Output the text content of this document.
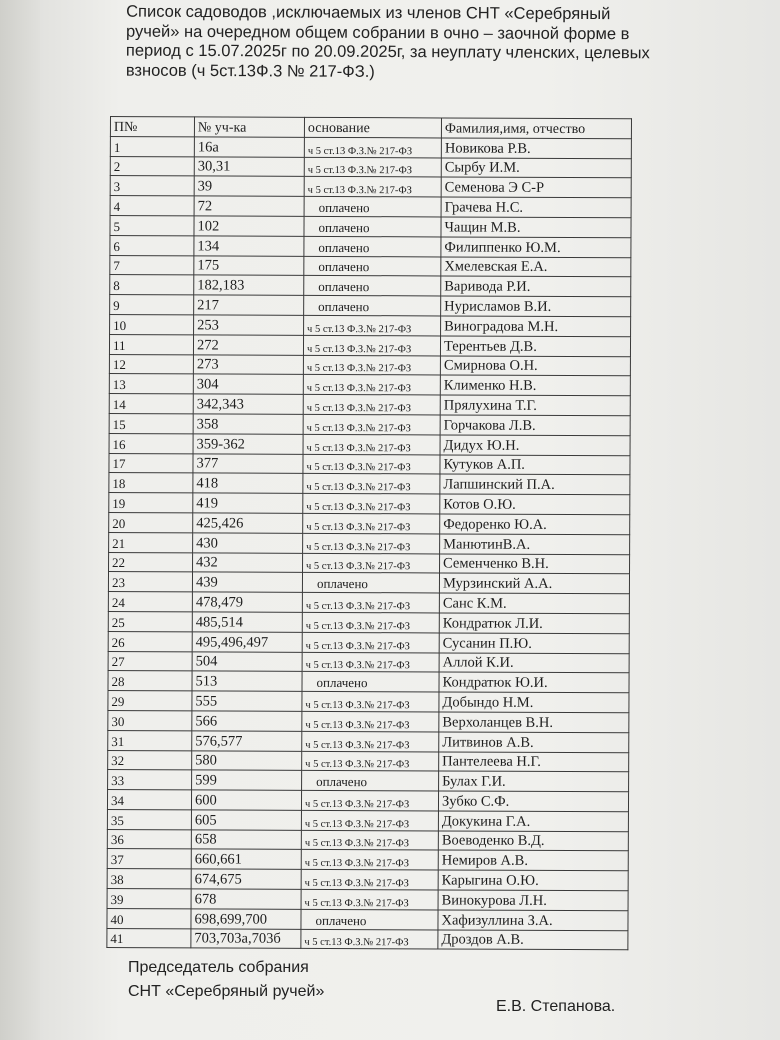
Список садоводов ,исключаемых из членов СНТ «Серебряный ручей» на очередном общем собрании в очно – заочной форме в период с 15.07.2025г по 20.09.2025г, за неуплату членских, целевых взносов (ч 5ст.13Ф.3 № 217-ФЗ.)
П№	№ уч-ка	основание	Фамилия,имя, отчество
1	16а	ч 5 ст.13 Ф.З.№ 217-ФЗ	Новикова Р.В.
2	30,31	ч 5 ст.13 Ф.З.№ 217-ФЗ	Сырбу И.М.
3	39	ч 5 ст.13 Ф.З.№ 217-ФЗ	Семенова Э С-Р
4	72	оплачено	Грачева Н.С.
5	102	оплачено	Чащин М.В.
6	134	оплачено	Филиппенко Ю.М.
7	175	оплачено	Хмелевская Е.А.
8	182,183	оплачено	Варивода Р.И.
9	217	оплачено	Нурисламов В.И.
10	253	ч 5 ст.13 Ф.З.№ 217-ФЗ	Виноградова М.Н.
11	272	ч 5 ст.13 Ф.З.№ 217-ФЗ	Терентьев Д.В.
12	273	ч 5 ст.13 Ф.З.№ 217-ФЗ	Смирнова О.Н.
13	304	ч 5 ст.13 Ф.З.№ 217-ФЗ	Клименко Н.В.
14	342,343	ч 5 ст.13 Ф.З.№ 217-ФЗ	Прялухина Т.Г.
15	358	ч 5 ст.13 Ф.З.№ 217-ФЗ	Горчакова Л.В.
16	359-362	ч 5 ст.13 Ф.З.№ 217-ФЗ	Дидух Ю.Н.
17	377	ч 5 ст.13 Ф.З.№ 217-ФЗ	Кутуков А.П.
18	418	ч 5 ст.13 Ф.З.№ 217-ФЗ	Лапшинский П.А.
19	419	ч 5 ст.13 Ф.З.№ 217-ФЗ	Котов О.Ю.
20	425,426	ч 5 ст.13 Ф.З.№ 217-ФЗ	Федоренко Ю.А.
21	430	ч 5 ст.13 Ф.З.№ 217-ФЗ	МанютинВ.А.
22	432	ч 5 ст.13 Ф.З.№ 217-ФЗ	Семенченко В.Н.
23	439	оплачено	Мурзинский А.А.
24	478,479	ч 5 ст.13 Ф.З.№ 217-ФЗ	Санс К.М.
25	485,514	ч 5 ст.13 Ф.З.№ 217-ФЗ	Кондратюк Л.И.
26	495,496,497	ч 5 ст.13 Ф.З.№ 217-ФЗ	Сусанин П.Ю.
27	504	ч 5 ст.13 Ф.З.№ 217-ФЗ	Аллой К.И.
28	513	оплачено	Кондратюк Ю.И.
29	555	ч 5 ст.13 Ф.З.№ 217-ФЗ	Добындо Н.М.
30	566	ч 5 ст.13 Ф.З.№ 217-ФЗ	Верхоланцев В.Н.
31	576,577	ч 5 ст.13 Ф.З.№ 217-ФЗ	Литвинов А.В.
32	580	ч 5 ст.13 Ф.З.№ 217-ФЗ	Пантелеева Н.Г.
33	599	оплачено	Булах Г.И.
34	600	ч 5 ст.13 Ф.З.№ 217-ФЗ	Зубко С.Ф.
35	605	ч 5 ст.13 Ф.З.№ 217-ФЗ	Докукина Г.А.
36	658	ч 5 ст.13 Ф.З.№ 217-ФЗ	Воеводенко В.Д.
37	660,661	ч 5 ст.13 Ф.З.№ 217-ФЗ	Немиров А.В.
38	674,675	ч 5 ст.13 Ф.З.№ 217-ФЗ	Карыгина О.Ю.
39	678	ч 5 ст.13 Ф.З.№ 217-ФЗ	Винокурова Л.Н.
40	698,699,700	оплачено	Хафизуллина З.А.
41	703,703а,703б	ч 5 ст.13 Ф.З.№ 217-ФЗ	Дроздов А.В.
Председатель собрания
СНТ «Серебряный ручей»
Е.В. Степанова.
